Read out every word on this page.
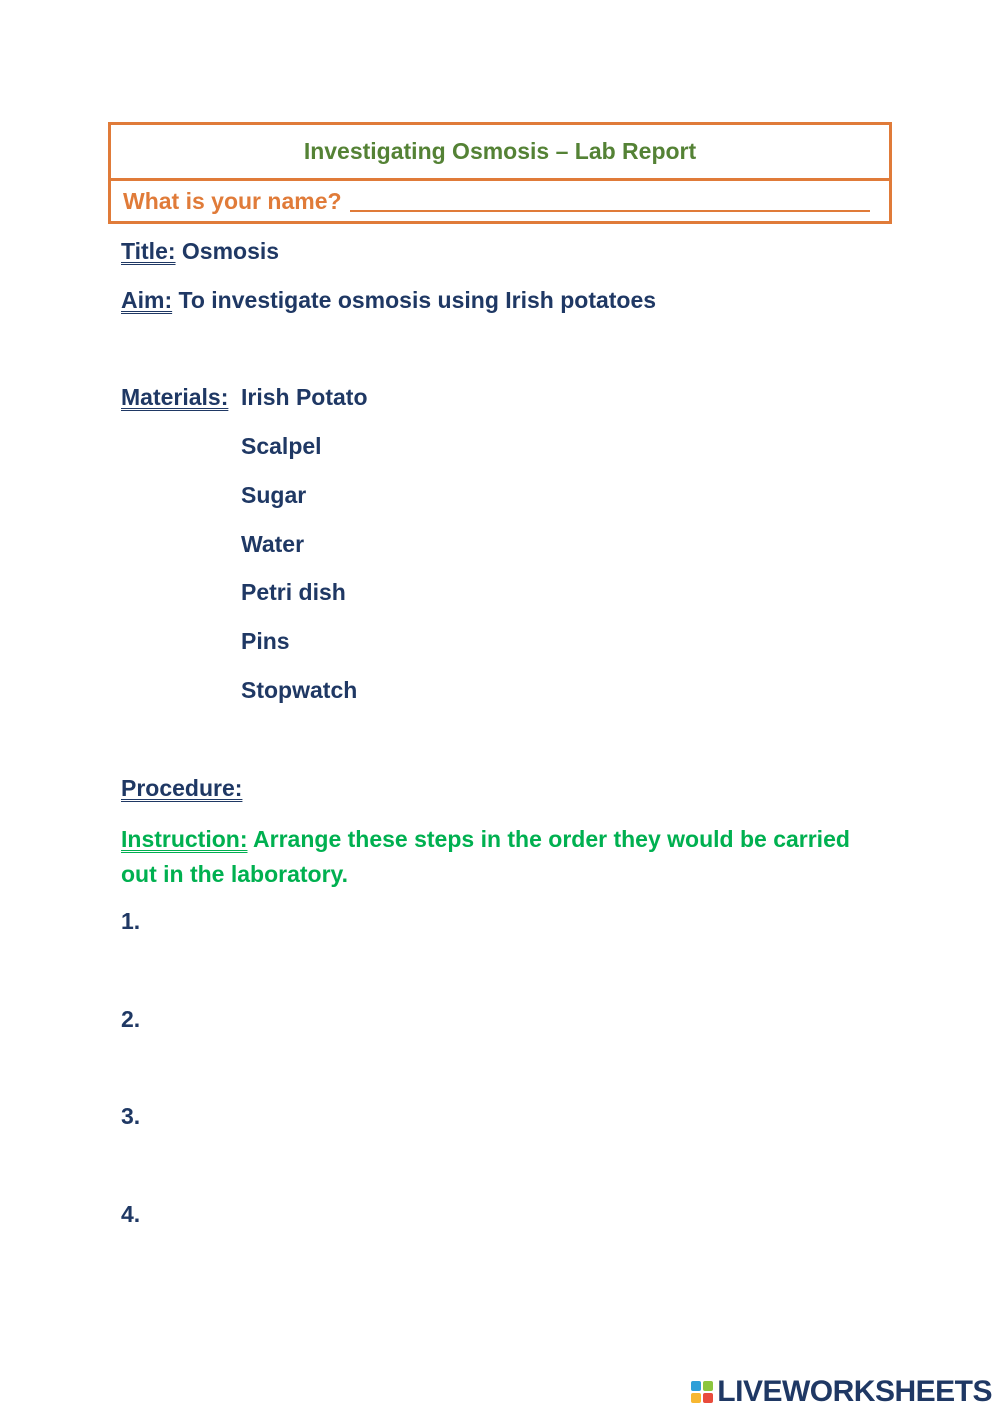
Investigating Osmosis – Lab Report
What is your name?
Title: Osmosis
Aim: To investigate osmosis using Irish potatoes
Materials: Irish Potato
Scalpel
Sugar
Water
Petri dish
Pins
Stopwatch
Procedure:
Instruction: Arrange these steps in the order they would be carried out in the laboratory.
1.
2.
3.
4.
LIVEWORKSHEETS
